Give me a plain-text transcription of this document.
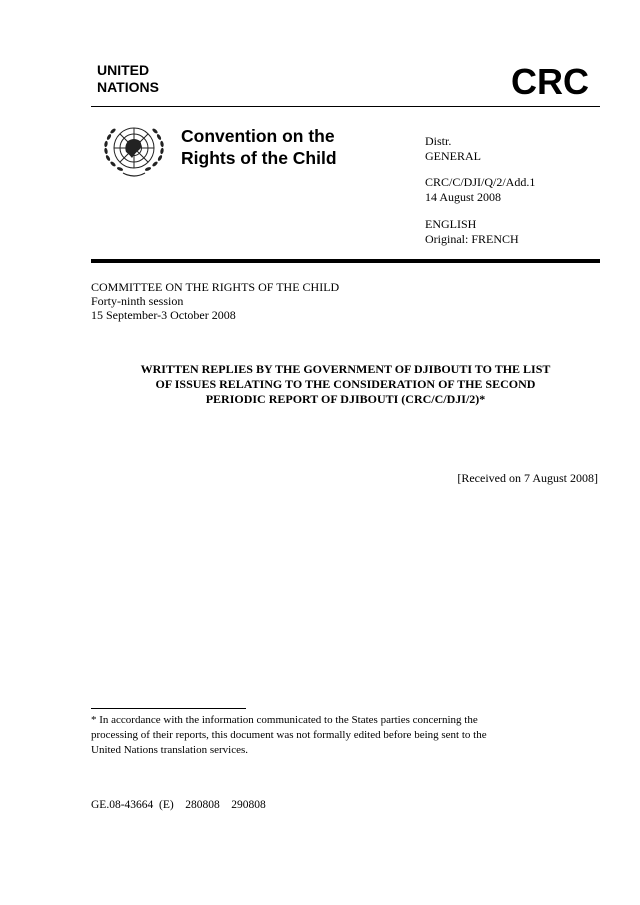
UNITED
NATIONS	CRC
Convention on the
Rights of the Child
Distr.
GENERAL
CRC/C/DJI/Q/2/Add.1
14 August 2008
ENGLISH
Original: FRENCH
COMMITTEE ON THE RIGHTS OF THE CHILD
Forty-ninth session
15 September-3 October 2008
WRITTEN REPLIES BY THE GOVERNMENT OF DJIBOUTI TO THE LIST
OF ISSUES RELATING TO THE CONSIDERATION OF THE SECOND
PERIODIC REPORT OF DJIBOUTI (CRC/C/DJI/2)*
[Received on 7 August 2008]
* In accordance with the information communicated to the States parties concerning the
processing of their reports, this document was not formally edited before being sent to the
United Nations translation services.
GE.08-43664  (E)    280808    290808
